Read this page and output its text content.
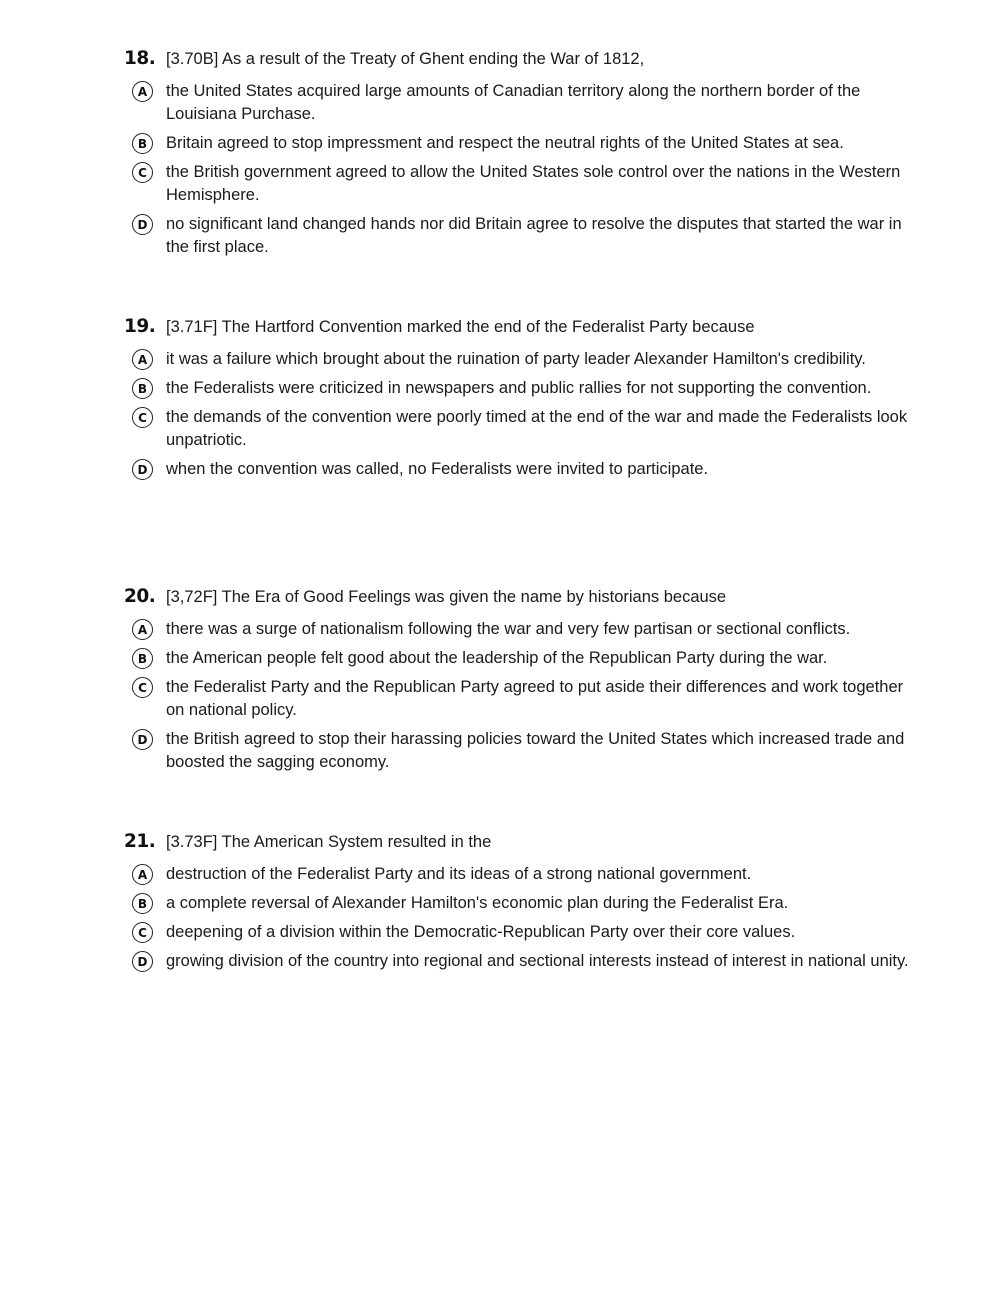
18. [3.70B] As a result of the Treaty of Ghent ending the War of 1812,
A	the United States acquired large amounts of Canadian territory along the northern border of the Louisiana Purchase.
B	Britain agreed to stop impressment and respect the neutral rights of the United States at sea.
C	the British government agreed to allow the United States sole control over the nations in the Western Hemisphere.
D	no significant land changed hands nor did Britain agree to resolve the disputes that started the war in the first place.
19. [3.71F] The Hartford Convention marked the end of the Federalist Party because
A	it was a failure which brought about the ruination of party leader Alexander Hamilton's credibility.
B	the Federalists were criticized in newspapers and public rallies for not supporting the convention.
C	the demands of the convention were poorly timed at the end of the war and made the Federalists look unpatriotic.
D	when the convention was called, no Federalists were invited to participate.
20. [3,72F] The Era of Good Feelings was given the name by historians because
A	there was a surge of nationalism following the war and very few partisan or sectional conflicts.
B	the American people felt good about the leadership of the Republican Party during the war.
C	the Federalist Party and the Republican Party agreed to put aside their differences and work together on national policy.
D	the British agreed to stop their harassing policies toward the United States which increased trade and boosted the sagging economy.
21. [3.73F] The American System resulted in the
A	destruction of the Federalist Party and its ideas of a strong national government.
B	a complete reversal of Alexander Hamilton's economic plan during the Federalist Era.
C	deepening of a division within the Democratic-Republican Party over their core values.
D	growing division of the country into regional and sectional interests instead of interest in national unity.
